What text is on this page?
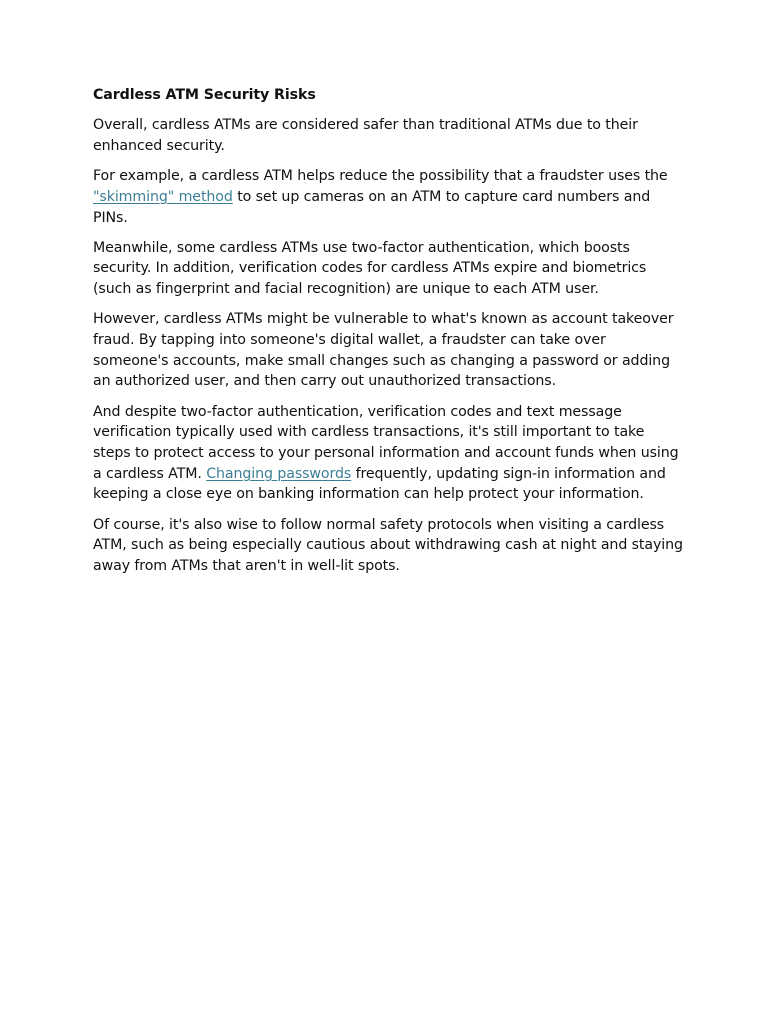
Cardless ATM Security Risks

Overall, cardless ATMs are considered safer than traditional ATMs due to their enhanced security.

For example, a cardless ATM helps reduce the possibility that a fraudster uses the "skimming" method to set up cameras on an ATM to capture card numbers and PINs.

Meanwhile, some cardless ATMs use two-factor authentication, which boosts security. In addition, verification codes for cardless ATMs expire and biometrics (such as fingerprint and facial recognition) are unique to each ATM user.

However, cardless ATMs might be vulnerable to what's known as account takeover fraud. By tapping into someone's digital wallet, a fraudster can take over someone's accounts, make small changes such as changing a password or adding an authorized user, and then carry out unauthorized transactions.

And despite two-factor authentication, verification codes and text message verification typically used with cardless transactions, it's still important to take steps to protect access to your personal information and account funds when using a cardless ATM. Changing passwords frequently, updating sign-in information and keeping a close eye on banking information can help protect your information.

Of course, it's also wise to follow normal safety protocols when visiting a cardless ATM, such as being especially cautious about withdrawing cash at night and staying away from ATMs that aren't in well-lit spots.
